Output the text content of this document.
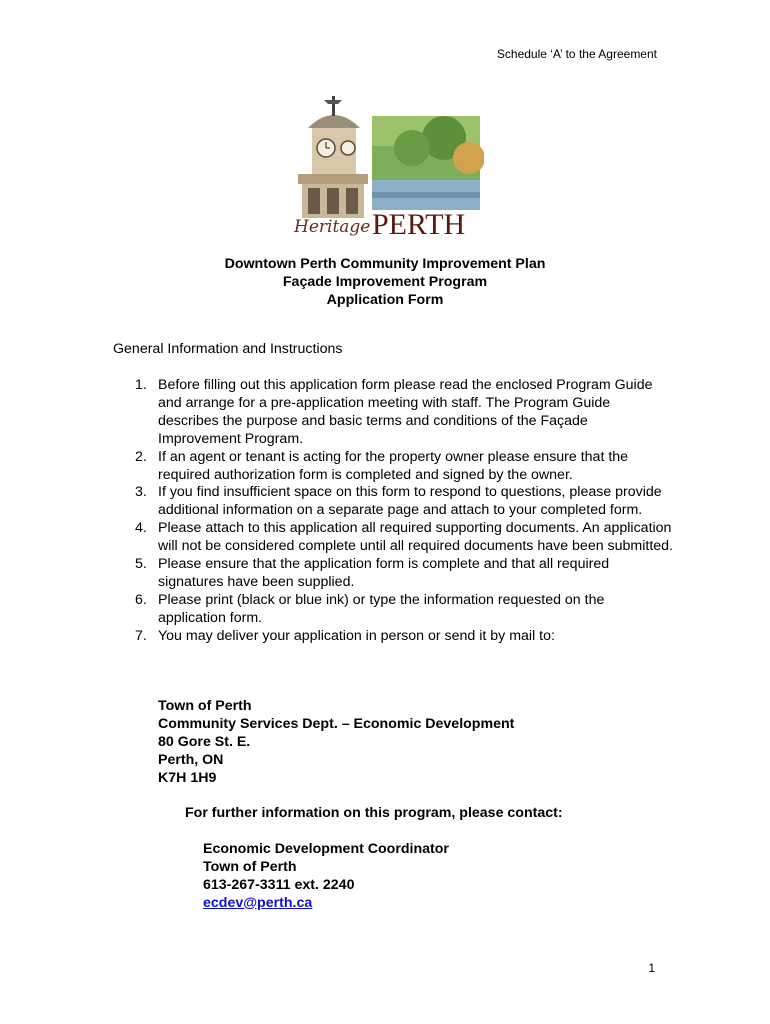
Schedule ‘A’ to the Agreement
Heritage PERTH
Downtown Perth Community Improvement Plan
Façade Improvement Program
Application Form
General Information and Instructions
1. Before filling out this application form please read the enclosed Program Guide and arrange for a pre-application meeting with staff. The Program Guide describes the purpose and basic terms and conditions of the Façade Improvement Program.
2. If an agent or tenant is acting for the property owner please ensure that the required authorization form is completed and signed by the owner.
3. If you find insufficient space on this form to respond to questions, please provide additional information on a separate page and attach to your completed form.
4. Please attach to this application all required supporting documents. An application will not be considered complete until all required documents have been submitted.
5. Please ensure that the application form is complete and that all required signatures have been supplied.
6. Please print (black or blue ink) or type the information requested on the application form.
7. You may deliver your application in person or send it by mail to:
Town of Perth
Community Services Dept. – Economic Development
80 Gore St. E.
Perth, ON
K7H 1H9
For further information on this program, please contact:
Economic Development Coordinator
Town of Perth
613-267-3311 ext. 2240
ecdev@perth.ca
1
